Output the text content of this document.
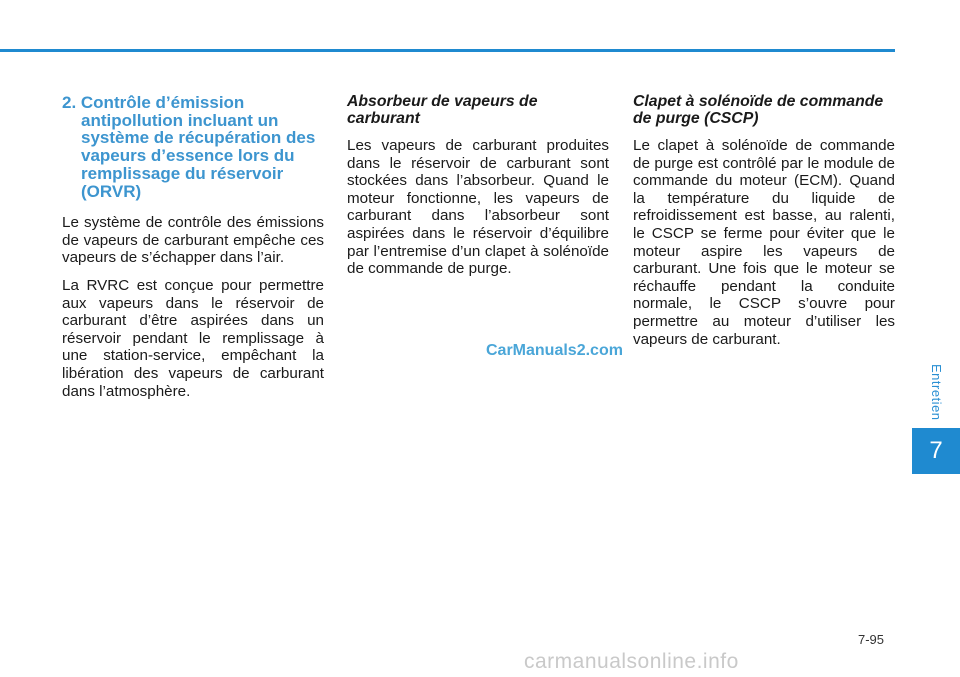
2. Contrôle d’émission antipollution incluant un système de récupération des vapeurs d’essence lors du remplissage du réservoir (ORVR)

Le système de contrôle des émissions de vapeurs de carburant empêche ces vapeurs de s’échapper dans l’air.

La RVRC est conçue pour permettre aux vapeurs dans le réservoir de carburant d’être aspirées dans un réservoir pendant le remplissage à une station-service, empêchant la libération des vapeurs de carburant dans l’atmosphère.

Absorbeur de vapeurs de carburant

Les vapeurs de carburant produites dans le réservoir de carburant sont stockées dans l’absorbeur. Quand le moteur fonctionne, les vapeurs de carburant dans l’absorbeur sont aspirées dans le réservoir d’équilibre par l’entremise d’un clapet à solénoïde de commande de purge.

Clapet à solénoïde de commande de purge (CSCP)

Le clapet à solénoïde de commande de purge est contrôlé par le module de commande du moteur (ECM). Quand la température du liquide de refroidissement est basse, au ralenti, le CSCP se ferme pour éviter que le moteur aspire les vapeurs de carburant. Une fois que le moteur se réchauffe pendant la conduite normale, le CSCP s’ouvre pour permettre au moteur d’utiliser les vapeurs de carburant.

CarManuals2.com
Entretien
7
7-95
carmanualsonline.info
